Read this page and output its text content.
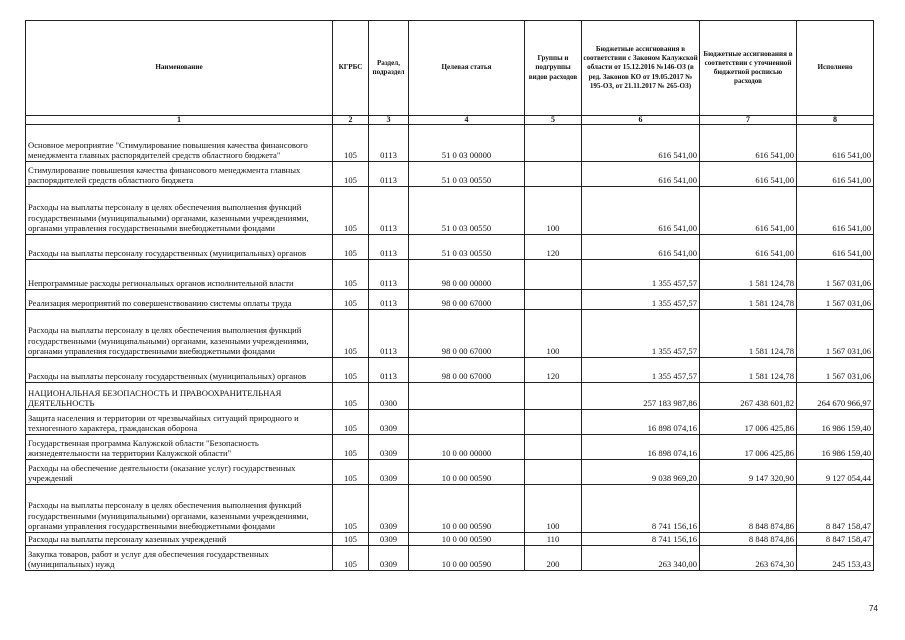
Наименование	КГРБС	Раздел, подраздел	Целевая статья	Группы и подгруппы видов расходов	Бюджетные ассигнования в соответствии с Законом Калужской области от 15.12.2016 №146-ОЗ (в ред. Законов КО от 19.05.2017 № 195-ОЗ, от 21.11.2017 № 265-ОЗ)	Бюджетные ассигнования в соответствии с уточненной бюджетной росписью расходов	Исполнено
1	2	3	4	5	6	7	8
Основное мероприятие "Стимулирование повышения качества финансового менеджмента главных распорядителей средств областного бюджета"	105	0113	51 0 03 00000		616 541,00	616 541,00	616 541,00
Стимулирование повышения качества финансового менеджмента главных распорядителей средств областного бюджета	105	0113	51 0 03 00550		616 541,00	616 541,00	616 541,00
Расходы на выплаты персоналу в целях обеспечения выполнения функций государственными (муниципальными) органами, казенными учреждениями, органами управления государственными внебюджетными фондами	105	0113	51 0 03 00550	100	616 541,00	616 541,00	616 541,00
Расходы на выплаты персоналу государственных (муниципальных) органов	105	0113	51 0 03 00550	120	616 541,00	616 541,00	616 541,00
Непрограммные расходы региональных органов исполнительной власти	105	0113	98 0 00 00000		1 355 457,57	1 581 124,78	1 567 031,06
Реализация мероприятий по совершенствованию системы оплаты труда	105	0113	98 0 00 67000		1 355 457,57	1 581 124,78	1 567 031,06
Расходы на выплаты персоналу в целях обеспечения выполнения функций государственными (муниципальными) органами, казенными учреждениями, органами управления государственными внебюджетными фондами	105	0113	98 0 00 67000	100	1 355 457,57	1 581 124,78	1 567 031,06
Расходы на выплаты персоналу государственных (муниципальных) органов	105	0113	98 0 00 67000	120	1 355 457,57	1 581 124,78	1 567 031,06
НАЦИОНАЛЬНАЯ БЕЗОПАСНОСТЬ И ПРАВООХРАНИТЕЛЬНАЯ ДЕЯТЕЛЬНОСТЬ	105	0300			257 183 987,86	267 438 601,82	264 670 966,97
Защита населения и территории от чрезвычайных ситуаций природного и техногенного характера, гражданская оборона	105	0309			16 898 074,16	17 006 425,86	16 986 159,40
Государственная программа Калужской области "Безопасность жизнедеятельности на территории Калужской области"	105	0309	10 0 00 00000		16 898 074,16	17 006 425,86	16 986 159,40
Расходы на обеспечение деятельности (оказание услуг) государственных учреждений	105	0309	10 0 00 00590		9 038 969,20	9 147 320,90	9 127 054,44
Расходы на выплаты персоналу в целях обеспечения выполнения функций государственными (муниципальными) органами, казенными учреждениями, органами управления государственными внебюджетными фондами	105	0309	10 0 00 00590	100	8 741 156,16	8 848 874,86	8 847 158,47
Расходы на выплаты персоналу казенных учреждений	105	0309	10 0 00 00590	110	8 741 156,16	8 848 874,86	8 847 158,47
Закупка товаров, работ и услуг для обеспечения государственных (муниципальных) нужд	105	0309	10 0 00 00590	200	263 340,00	263 674,30	245 153,43
74
